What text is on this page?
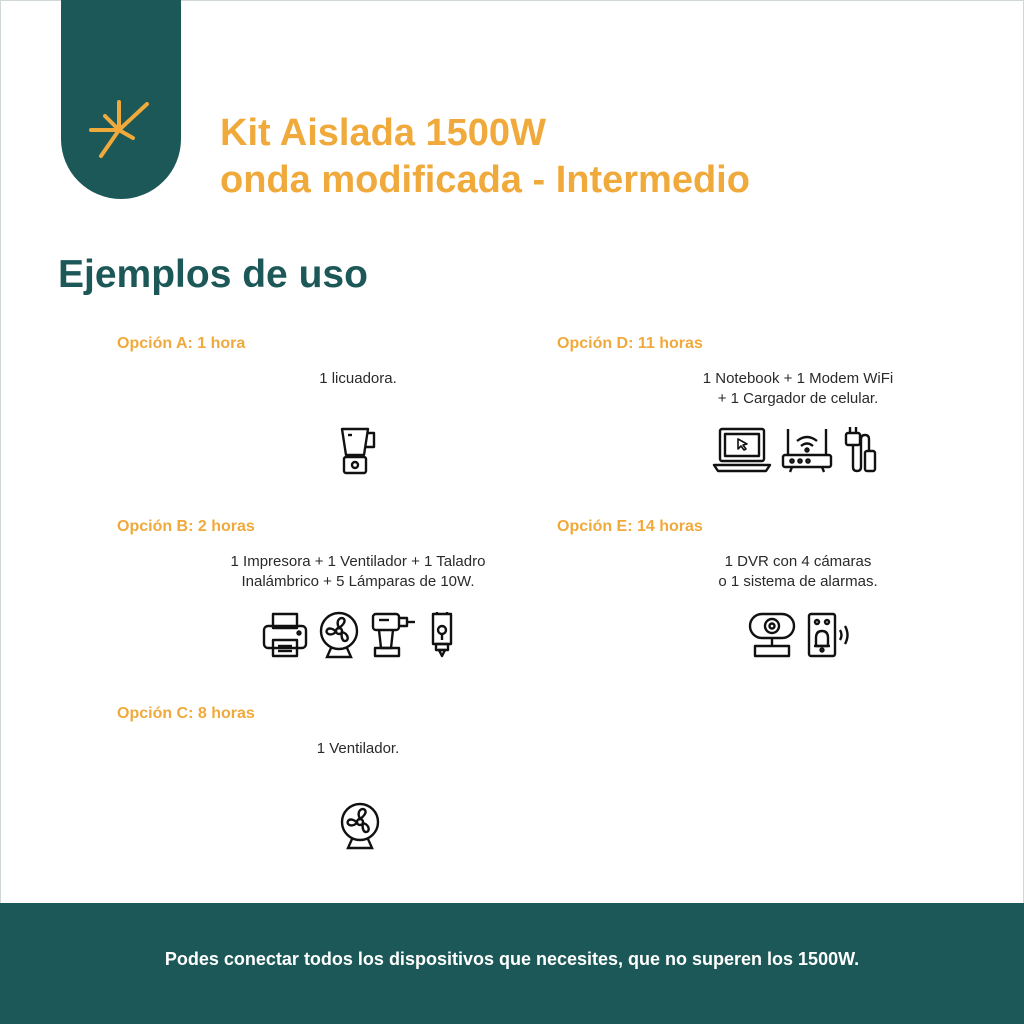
Kit Aislada 1500W
onda modificada - Intermedio
Ejemplos de uso
Opción A: 1 hora
1 licuadora.
Opción B: 2 horas
1 Impresora + 1 Ventilador + 1 Taladro
Inalámbrico + 5 Lámparas de 10W.
Opción C: 8 horas
1 Ventilador.
Opción D: 11 horas
1 Notebook + 1 Modem WiFi
+ 1 Cargador de celular.
Opción E: 14 horas
1 DVR con 4 cámaras
o 1 sistema de alarmas.
Podes conectar todos los dispositivos que necesites, que no superen los 1500W.
